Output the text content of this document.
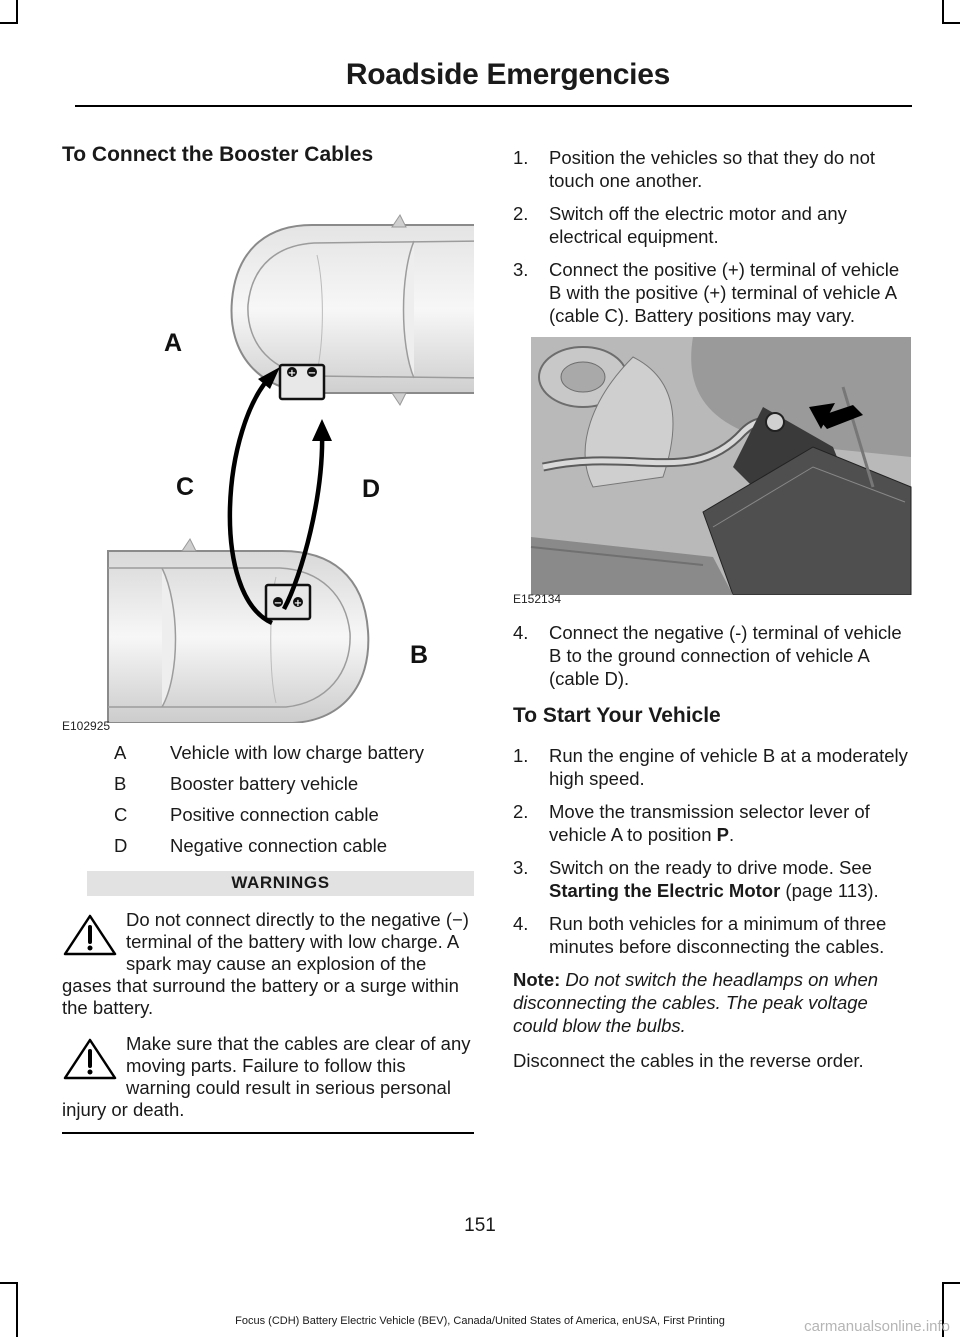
Roadside Emergencies
To Connect the Booster Cables
+ −
− +
A
C	D
B
E102925
A	Vehicle with low charge battery
B	Booster battery vehicle
C	Positive connection cable
D	Negative connection cable
WARNINGS
Do not connect directly to the negative (−) terminal of the battery with low charge. A spark may cause an explosion of the gases that surround the battery or a surge within the battery.
Make sure that the cables are clear of any moving parts. Failure to follow this warning could result in serious personal injury or death.
1. Position the vehicles so that they do not touch one another.
2. Switch off the electric motor and any electrical equipment.
3. Connect the positive (+) terminal of vehicle B with the positive (+) terminal of vehicle A (cable C). Battery positions may vary.
E152134
4. Connect the negative (-) terminal of vehicle B to the ground connection of vehicle A (cable D).
To Start Your Vehicle
1. Run the engine of vehicle B at a moderately high speed.
2. Move the transmission selector lever of vehicle A to position P.
3. Switch on the ready to drive mode. See Starting the Electric Motor (page 113).
4. Run both vehicles for a minimum of three minutes before disconnecting the cables.
Note: Do not switch the headlamps on when disconnecting the cables. The peak voltage could blow the bulbs.
Disconnect the cables in the reverse order.
151
Focus (CDH) Battery Electric Vehicle (BEV), Canada/United States of America, enUSA, First Printing	carmanualsonline.info
